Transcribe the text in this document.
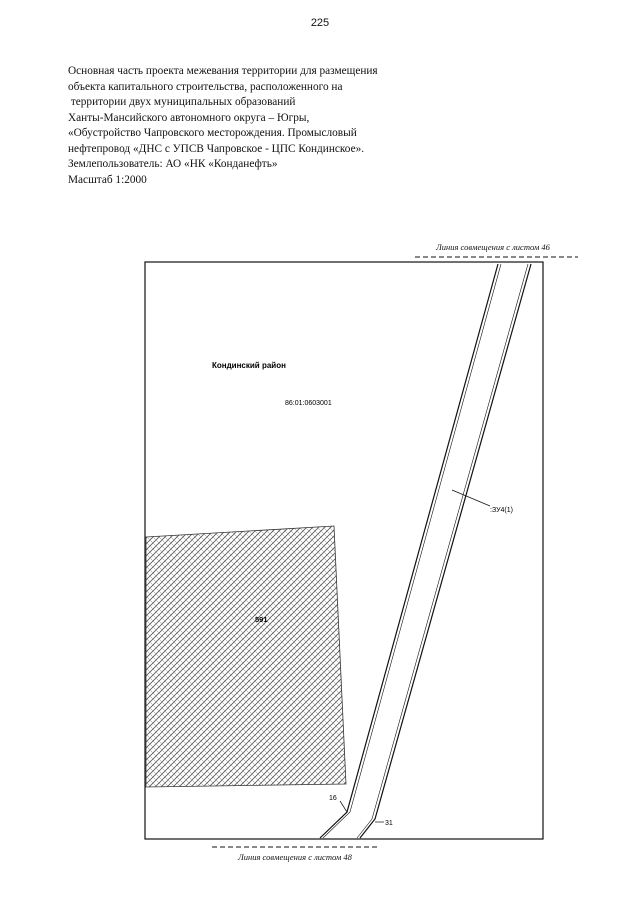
225
Основная часть проекта межевания территории для размещения
объекта капитального строительства, расположенного на
территории двух муниципальных образований
Ханты-Мансийского автономного округа – Югры,
«Обустройство Чапровского месторождения. Промысловый
нефтепровод «ДНС с УПСВ Чапровское - ЦПС Кондинское».
Землепользователь: АО «НК «Конданефть»
Масштаб 1:2000
Линия совмещения с листом 46
Линия совмещения с листом 48
Кондинский район
86:01:0603001
591
:ЗУ4(1)
16
31
